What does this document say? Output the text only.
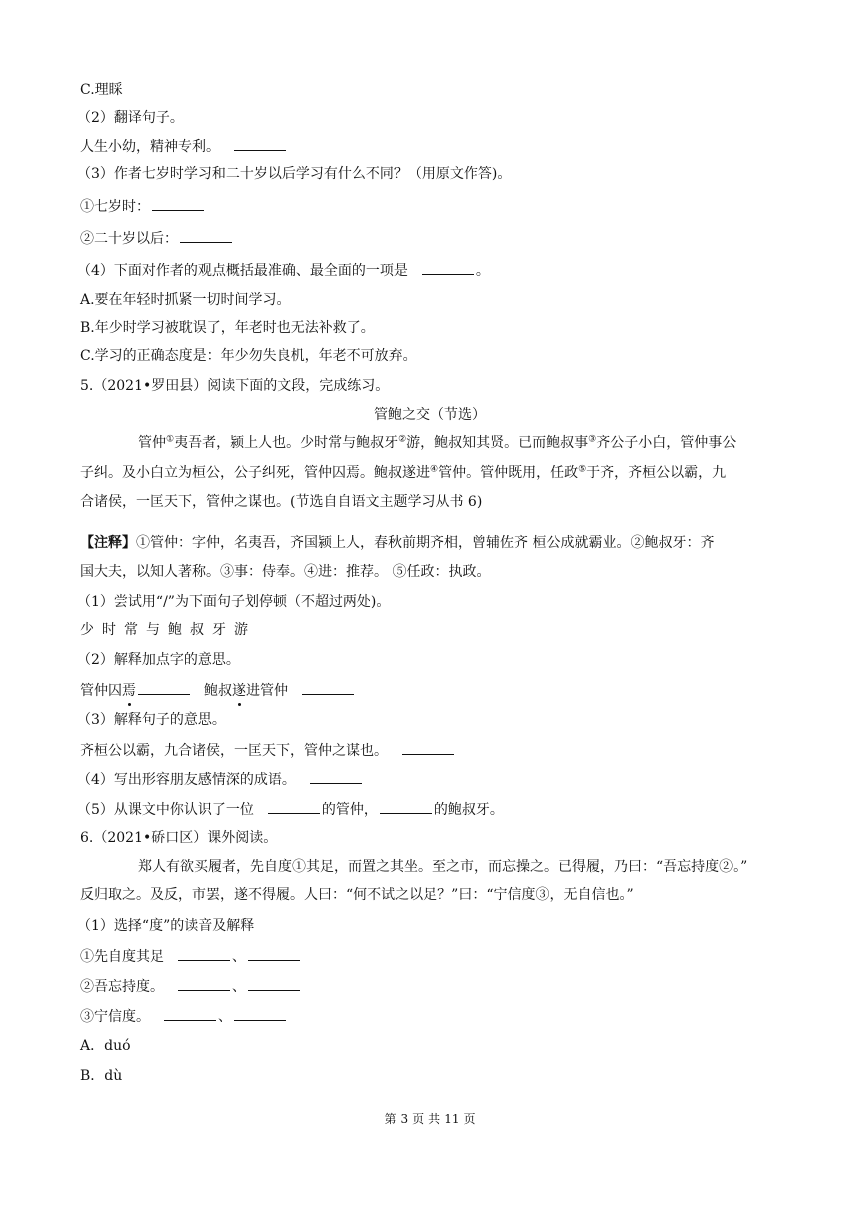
C.理睬
（2）翻译句子。
人生小幼，精神专利。
（3）作者七岁时学习和二十岁以后学习有什么不同？（用原文作答)。
①七岁时：
②二十岁以后：
（4）下面对作者的观点概括最准确、最全面的一项是	。
A.要在年轻时抓紧一切时间学习。
B.年少时学习被耽误了，年老时也无法补救了。
C.学习的正确态度是：年少勿失良机，年老不可放弃。
5.（2021•罗田县）阅读下面的文段，完成练习。
管鲍之交（节选）
管仲①夷吾者，颍上人也。少时常与鲍叔牙②游，鲍叔知其贤。已而鲍叔事③齐公子小白，管仲事公
子纠。及小白立为桓公，公子纠死，管仲囚焉。鲍叔遂进④管仲。管仲既用，任政⑤于齐，齐桓公以霸，九
合诸侯，一匡天下，管仲之谋也。(节选自自语文主题学习从书 6)
【注释】①管仲：字仲，名夷吾，齐国颍上人，春秋前期齐相，曾辅佐齐 桓公成就霸业。②鲍叔牙：齐
国大夫，以知人著称。③事：侍奉。④进：推荐。 ⑤任政：执政。
（1）尝试用“/”为下面句子划停顿（不超过两处)。
少 时 常 与 鲍 叔 牙 游
（2）解释加点字的意思。
管仲囚焉	鲍叔遂进管仲
（3）解释句子的意思。
齐桓公以霸，九合诸侯，一匡天下，管仲之谋也。
（4）写出形容朋友感情深的成语。
（5）从课文中你认识了一位	的管仲，	的鲍叔牙。
6.（2021•硚口区）课外阅读。
郑人有欲买履者，先自度①其足，而置之其坐。至之市，而忘操之。已得履，乃曰：“吾忘持度②。”
反归取之。及反，市罢，遂不得履。人曰：“何不试之以足？”曰：“宁信度③，无自信也。”
（1）选择“度”的读音及解释
①先自度其足	、
②吾忘持度。	、
③宁信度。	、
A．duó
B．dù
第 3 页 共 11 页
